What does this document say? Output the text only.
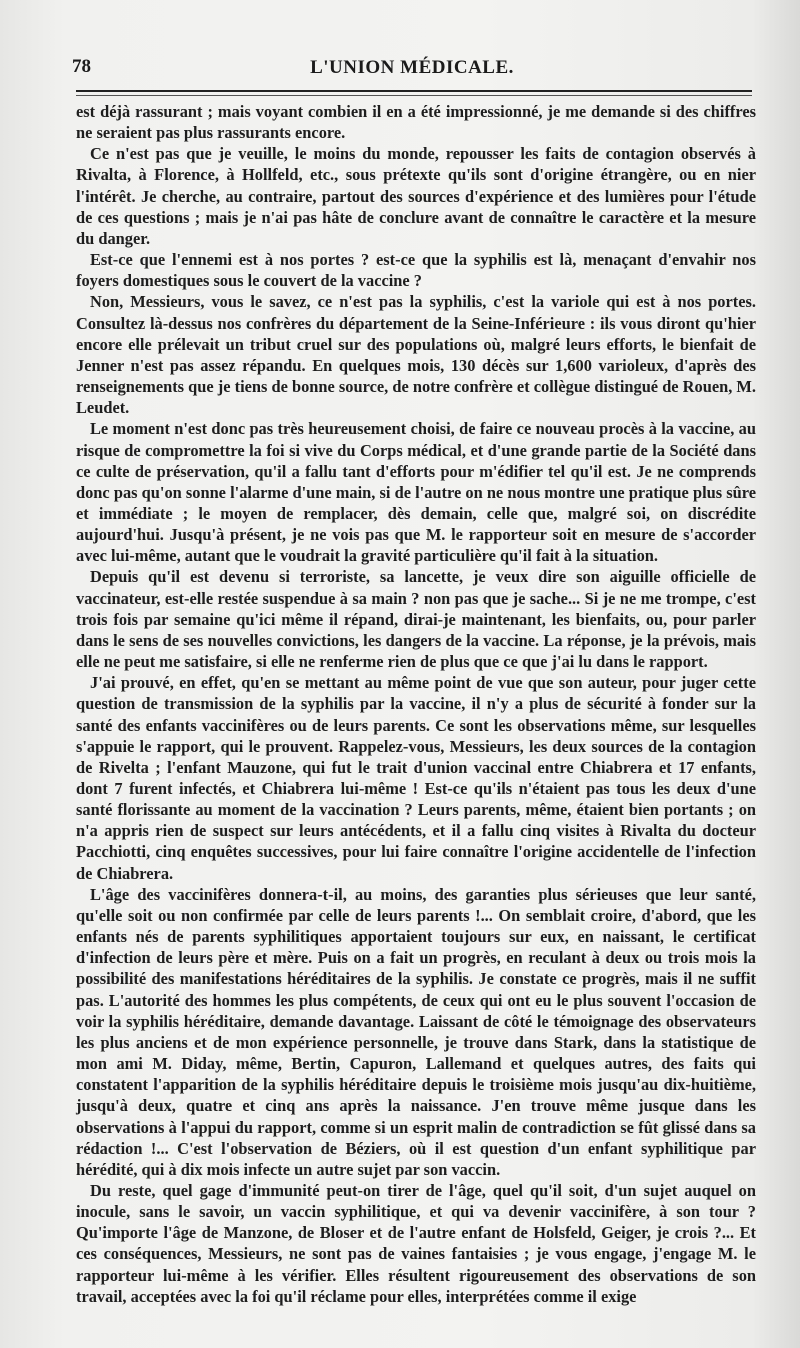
78	L'UNION MÉDICALE.

est déjà rassurant ; mais voyant combien il en a été impressionné, je me demande si des chiffres ne seraient pas plus rassurants encore.

Ce n'est pas que je veuille, le moins du monde, repousser les faits de contagion observés à Rivalta, à Florence, à Hollfeld, etc., sous prétexte qu'ils sont d'origine étrangère, ou en nier l'intérêt. Je cherche, au contraire, partout des sources d'expérience et des lumières pour l'étude de ces questions ; mais je n'ai pas hâte de conclure avant de connaître le caractère et la mesure du danger.

Est-ce que l'ennemi est à nos portes ? est-ce que la syphilis est là, menaçant d'envahir nos foyers domestiques sous le couvert de la vaccine ?

Non, Messieurs, vous le savez, ce n'est pas la syphilis, c'est la variole qui est à nos portes. Consultez là-dessus nos confrères du département de la Seine-Inférieure : ils vous diront qu'hier encore elle prélevait un tribut cruel sur des populations où, malgré leurs efforts, le bienfait de Jenner n'est pas assez répandu. En quelques mois, 130 décès sur 1,600 varioleux, d'après des renseignements que je tiens de bonne source, de notre confrère et collègue distingué de Rouen, M. Leudet.

Le moment n'est donc pas très heureusement choisi, de faire ce nouveau procès à la vaccine, au risque de compromettre la foi si vive du Corps médical, et d'une grande partie de la Société dans ce culte de préservation, qu'il a fallu tant d'efforts pour m'édifier tel qu'il est. Je ne comprends donc pas qu'on sonne l'alarme d'une main, si de l'autre on ne nous montre une pratique plus sûre et immédiate ; le moyen de remplacer, dès demain, celle que, malgré soi, on discrédite aujourd'hui. Jusqu'à présent, je ne vois pas que M. le rapporteur soit en mesure de s'accorder avec lui-même, autant que le voudrait la gravité particulière qu'il fait à la situation.

Depuis qu'il est devenu si terroriste, sa lancette, je veux dire son aiguille officielle de vaccinateur, est-elle restée suspendue à sa main ? non pas que je sache... Si je ne me trompe, c'est trois fois par semaine qu'ici même il répand, dirai-je maintenant, les bienfaits, ou, pour parler dans le sens de ses nouvelles convictions, les dangers de la vaccine. La réponse, je la prévois, mais elle ne peut me satisfaire, si elle ne renferme rien de plus que ce que j'ai lu dans le rapport.

J'ai prouvé, en effet, qu'en se mettant au même point de vue que son auteur, pour juger cette question de transmission de la syphilis par la vaccine, il n'y a plus de sécurité à fonder sur la santé des enfants vaccinifères ou de leurs parents. Ce sont les observations même, sur lesquelles s'appuie le rapport, qui le prouvent. Rappelez-vous, Messieurs, les deux sources de la contagion de Rivelta ; l'enfant Mauzone, qui fut le trait d'union vaccinal entre Chiabrera et 17 enfants, dont 7 furent infectés, et Chiabrera lui-même ! Est-ce qu'ils n'étaient pas tous les deux d'une santé florissante au moment de la vaccination ? Leurs parents, même, étaient bien portants ; on n'a appris rien de suspect sur leurs antécédents, et il a fallu cinq visites à Rivalta du docteur Pacchiotti, cinq enquêtes successives, pour lui faire connaître l'origine accidentelle de l'infection de Chiabrera.

L'âge des vaccinifères donnera-t-il, au moins, des garanties plus sérieuses que leur santé, qu'elle soit ou non confirmée par celle de leurs parents !... On semblait croire, d'abord, que les enfants nés de parents syphilitiques apportaient toujours sur eux, en naissant, le certificat d'infection de leurs père et mère. Puis on a fait un progrès, en reculant à deux ou trois mois la possibilité des manifestations héréditaires de la syphilis. Je constate ce progrès, mais il ne suffit pas. L'autorité des hommes les plus compétents, de ceux qui ont eu le plus souvent l'occasion de voir la syphilis héréditaire, demande davantage. Laissant de côté le témoignage des observateurs les plus anciens et de mon expérience personnelle, je trouve dans Stark, dans la statistique de mon ami M. Diday, même, Bertin, Capuron, Lallemand et quelques autres, des faits qui constatent l'apparition de la syphilis héréditaire depuis le troisième mois jusqu'au dix-huitième, jusqu'à deux, quatre et cinq ans après la naissance. J'en trouve même jusque dans les observations à l'appui du rapport, comme si un esprit malin de contradiction se fût glissé dans sa rédaction !... C'est l'observation de Béziers, où il est question d'un enfant syphilitique par hérédité, qui à dix mois infecte un autre sujet par son vaccin.

Du reste, quel gage d'immunité peut-on tirer de l'âge, quel qu'il soit, d'un sujet auquel on inocule, sans le savoir, un vaccin syphilitique, et qui va devenir vaccinifère, à son tour ? Qu'importe l'âge de Manzone, de Bloser et de l'autre enfant de Holsfeld, Geiger, je crois ?... Et ces conséquences, Messieurs, ne sont pas de vaines fantaisies ; je vous engage, j'engage M. le rapporteur lui-même à les vérifier. Elles résultent rigoureusement des observations de son travail, acceptées avec la foi qu'il réclame pour elles, interprétées comme il exige
